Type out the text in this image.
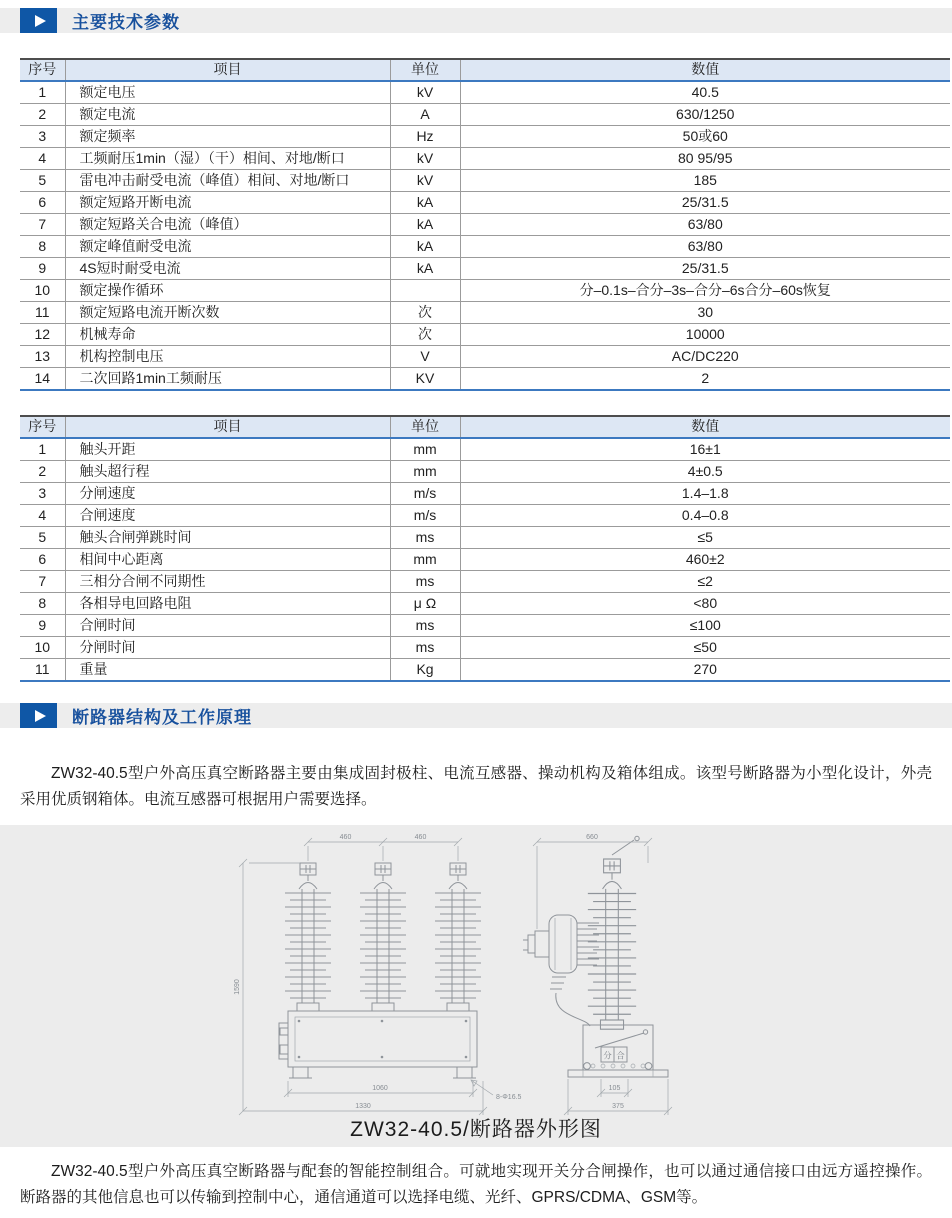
主要技术参数
序号	项目	单位	数值
1	额定电压	kV	40.5
2	额定电流	A	630/1250
3	额定频率	Hz	50或60
4	工频耐压1min（湿）（干）相间、对地/断口	kV	80 95/95
5	雷电冲击耐受电流（峰值）相间、对地/断口	kV	185
6	额定短路开断电流	kA	25/31.5
7	额定短路关合电流（峰值）	kA	63/80
8	额定峰值耐受电流	kA	63/80
9	4S短时耐受电流	kA	25/31.5
10	额定操作循环		分–0.1s–合分–3s–合分–6s合分–60s恢复
11	额定短路电流开断次数	次	30
12	机械寿命	次	10000
13	机构控制电压	V	AC/DC220
14	二次回路1min工频耐压	KV	2
序号	项目	单位	数值
1	触头开距	mm	16±1
2	触头超行程	mm	4±0.5
3	分闸速度	m/s	1.4–1.8
4	合闸速度	m/s	0.4–0.8
5	触头合闸弹跳时间	ms	≤5
6	相间中心距离	mm	460±2
7	三相分合闸不同期性	ms	≤2
8	各相导电回路电阻	μ Ω	<80
9	合闸时间	ms	≤100
10	分闸时间	ms	≤50
11	重量	Kg	270
断路器结构及工作原理
ZW32-40.5型户外高压真空断路器主要由集成固封极柱、电流互感器、操动机构及箱体组成。该型号断路器为小型化设计，外壳采用优质钢箱体。电流互感器可根据用户需要选择。
分 合
460	460	660
1590
1060
1330
8-Φ16.5
105
375
ZW32-40.5/断路器外形图
ZW32-40.5型户外高压真空断路器与配套的智能控制组合。可就地实现开关分合闸操作，也可以通过通信接口由远方遥控操作。断路器的其他信息也可以传输到控制中心，通信通道可以选择电缆、光纤、GPRS/CDMA、GSM等。
